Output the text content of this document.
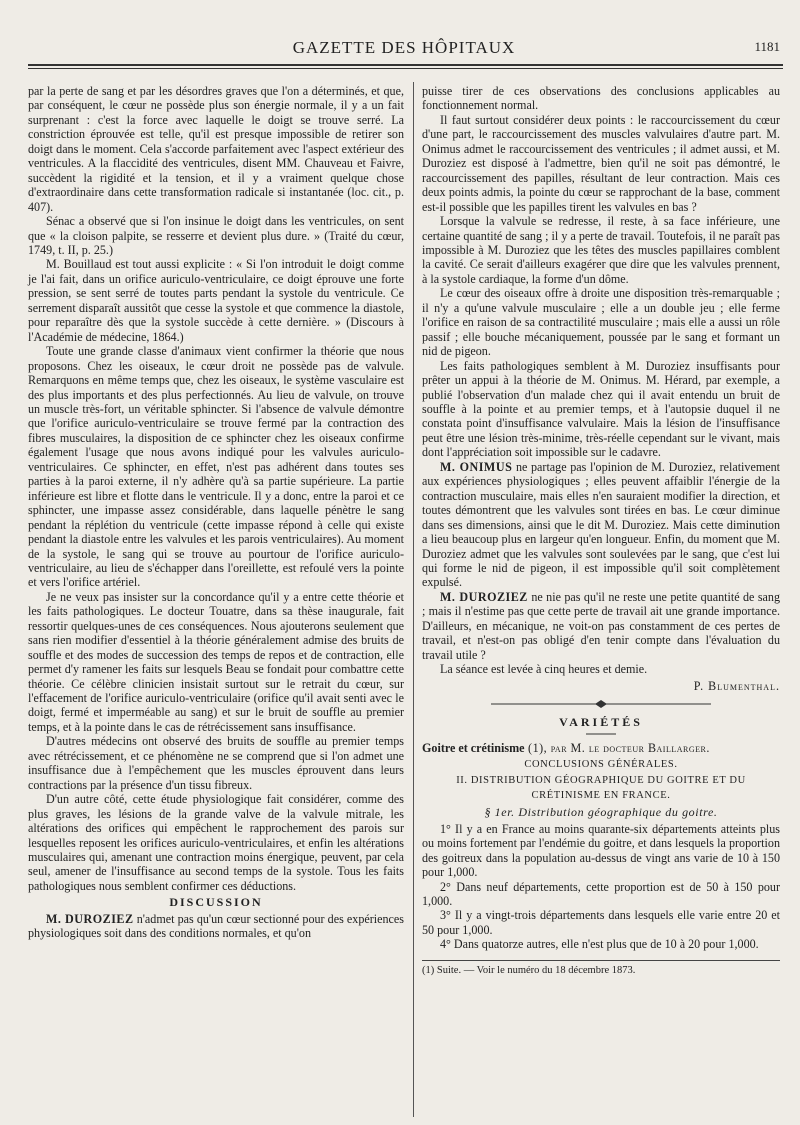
GAZETTE DES HÔPITAUX	1181

par la perte de sang et par les désordres graves que l'on a déterminés, et que, par conséquent, le cœur ne possède plus son énergie normale, il y a un fait surprenant : c'est la force avec laquelle le doigt se trouve serré. La constriction éprouvée est telle, qu'il est presque impossible de retirer son doigt dans le moment. Cela s'accorde parfaitement avec l'aspect extérieur des ventricules. A la flaccidité des ventricules, disent MM. Chauveau et Faivre, succèdent la rigidité et la tension, et il y a vraiment quelque chose d'extraordinaire dans cette transformation radicale si instantanée (loc. cit., p. 407).

Sénac a observé que si l'on insinue le doigt dans les ventricules, on sent que « la cloison palpite, se resserre et devient plus dure. » (Traité du cœur, 1749, t. II, p. 25.)

M. Bouillaud est tout aussi explicite : « Si l'on introduit le doigt comme je l'ai fait, dans un orifice auriculo-ventriculaire, ce doigt éprouve une forte pression, se sent serré de toutes parts pendant la systole du ventricule. Ce serrement disparaît aussitôt que cesse la systole et que commence la diastole, pour reparaître dès que la systole succède à cette dernière. » (Discours à l'Académie de médecine, 1864.)

Toute une grande classe d'animaux vient confirmer la théorie que nous proposons. Chez les oiseaux, le cœur droit ne possède pas de valvule. Remarquons en même temps que, chez les oiseaux, le système vasculaire est des plus importants et des plus perfectionnés. Au lieu de valvule, on trouve un muscle très-fort, un véritable sphincter. Si l'absence de valvule démontre que l'orifice auriculo-ventriculaire se trouve fermé par la contraction des fibres musculaires, la disposition de ce sphincter chez les oiseaux confirme également l'usage que nous avons indiqué pour les valvules auriculo-ventriculaires. Ce sphincter, en effet, n'est pas adhérent dans toutes ses parties à la paroi externe, il n'y adhère qu'à sa partie supérieure. La partie inférieure est libre et flotte dans le ventricule. Il y a donc, entre la paroi et ce sphincter, une impasse assez considérable, dans laquelle pénètre le sang pendant la réplétion du ventricule (cette impasse répond à celle qui existe pendant la diastole entre les valvules et les parois ventriculaires). Au moment de la systole, le sang qui se trouve au pourtour de l'orifice auriculo-ventriculaire, au lieu de s'échapper dans l'oreillette, est refoulé vers la pointe et vers l'orifice artériel.

Je ne veux pas insister sur la concordance qu'il y a entre cette théorie et les faits pathologiques. Le docteur Touatre, dans sa thèse inaugurale, fait ressortir quelques-unes de ces conséquences. Nous ajouterons seulement que sans rien modifier d'essentiel à la théorie généralement admise des bruits de souffle et des modes de succession des temps de repos et de contraction, elle permet d'y ramener les faits sur lesquels Beau se fondait pour combattre cette théorie. Ce célèbre clinicien insistait surtout sur le retrait du cœur, sur l'effacement de l'orifice auriculo-ventriculaire (orifice qu'il avait senti avec le doigt, fermé et imperméable au sang) et sur le bruit de souffle au premier temps, et à la pointe dans le cas de rétrécissement sans insuffisance.

D'autres médecins ont observé des bruits de souffle au premier temps avec rétrécissement, et ce phénomène ne se comprend que si l'on admet une insuffisance due à l'empêchement que les muscles éprouvent dans leurs contractions par la présence d'un tissu fibreux.

D'un autre côté, cette étude physiologique fait considérer, comme des plus graves, les lésions de la grande valve de la valvule mitrale, les altérations des orifices qui empêchent le rapprochement des parois sur lesquelles reposent les orifices auriculo-ventriculaires, et enfin les altérations musculaires qui, amenant une contraction moins énergique, peuvent, par cela seul, amener de l'insuffisance au second temps de la systole. Tous les faits pathologiques nous semblent confirmer ces déductions.

DISCUSSION

M. DUROZIEZ n'admet pas qu'un cœur sectionné pour des expériences physiologiques soit dans des conditions normales, et qu'on

puisse tirer de ces observations des conclusions applicables au fonctionnement normal.

Il faut surtout considérer deux points : le raccourcissement du cœur d'une part, le raccourcissement des muscles valvulaires d'autre part. M. Onimus admet le raccourcissement des ventricules ; il admet aussi, et M. Duroziez est disposé à l'admettre, bien qu'il ne soit pas démontré, le raccourcissement des papilles, résultant de leur contraction. Mais ces deux points admis, la pointe du cœur se rapprochant de la base, comment est-il possible que les papilles tirent les valvules en bas ?

Lorsque la valvule se redresse, il reste, à sa face inférieure, une certaine quantité de sang ; il y a perte de travail. Toutefois, il ne paraît pas impossible à M. Duroziez que les têtes des muscles papillaires comblent la cavité. Ce serait d'ailleurs exagérer que dire que les valvules prennent, à la systole cardiaque, la forme d'un dôme.

Le cœur des oiseaux offre à droite une disposition très-remarquable ; il n'y a qu'une valvule musculaire ; elle a un double jeu ; elle ferme l'orifice en raison de sa contractilité musculaire ; mais elle a aussi un rôle passif ; elle bouche mécaniquement, poussée par le sang et formant un nid de pigeon.

Les faits pathologiques semblent à M. Duroziez insuffisants pour prêter un appui à la théorie de M. Onimus. M. Hérard, par exemple, a publié l'observation d'un malade chez qui il avait entendu un bruit de souffle à la pointe et au premier temps, et à l'autopsie duquel il ne constata point d'insuffisance valvulaire. Mais la lésion de l'insuffisance peut être une lésion très-minime, très-réelle cependant sur le vivant, mais dont l'appréciation soit impossible sur le cadavre.

M. ONIMUS ne partage pas l'opinion de M. Duroziez, relativement aux expériences physiologiques ; elles peuvent affaiblir l'énergie de la contraction musculaire, mais elles n'en sauraient modifier la direction, et toutes démontrent que les valvules sont tirées en bas. Le cœur diminue dans ses dimensions, ainsi que le dit M. Duroziez. Mais cette diminution a lieu beaucoup plus en largeur qu'en longueur. Enfin, du moment que M. Duroziez admet que les valvules sont soulevées par le sang, que c'est lui qui forme le nid de pigeon, il est impossible qu'il soit complètement expulsé.

M. DUROZIEZ ne nie pas qu'il ne reste une petite quantité de sang ; mais il n'estime pas que cette perte de travail ait une grande importance. D'ailleurs, en mécanique, ne voit-on pas constamment de ces pertes de travail, et n'est-on pas obligé d'en tenir compte dans l'évaluation du travail utile ?

La séance est levée à cinq heures et demie.

P. Blumenthal.
VARIÉTÉS

Goitre et crétinisme (1), par M. le docteur Baillarger.

CONCLUSIONS GÉNÉRALES.
II. DISTRIBUTION GÉOGRAPHIQUE DU GOITRE ET DU CRÉTINISME EN FRANCE.
§ 1er. Distribution géographique du goitre.

1° Il y a en France au moins quarante-six départements atteints plus ou moins fortement par l'endémie du goitre, et dans lesquels la proportion des goitreux dans la population au-dessus de vingt ans varie de 10 à 150 pour 1,000.

2° Dans neuf départements, cette proportion est de 50 à 150 pour 1,000.

3° Il y a vingt-trois départements dans lesquels elle varie entre 20 et 50 pour 1,000.

4° Dans quatorze autres, elle n'est plus que de 10 à 20 pour 1,000.

(1) Suite. — Voir le numéro du 18 décembre 1873.
